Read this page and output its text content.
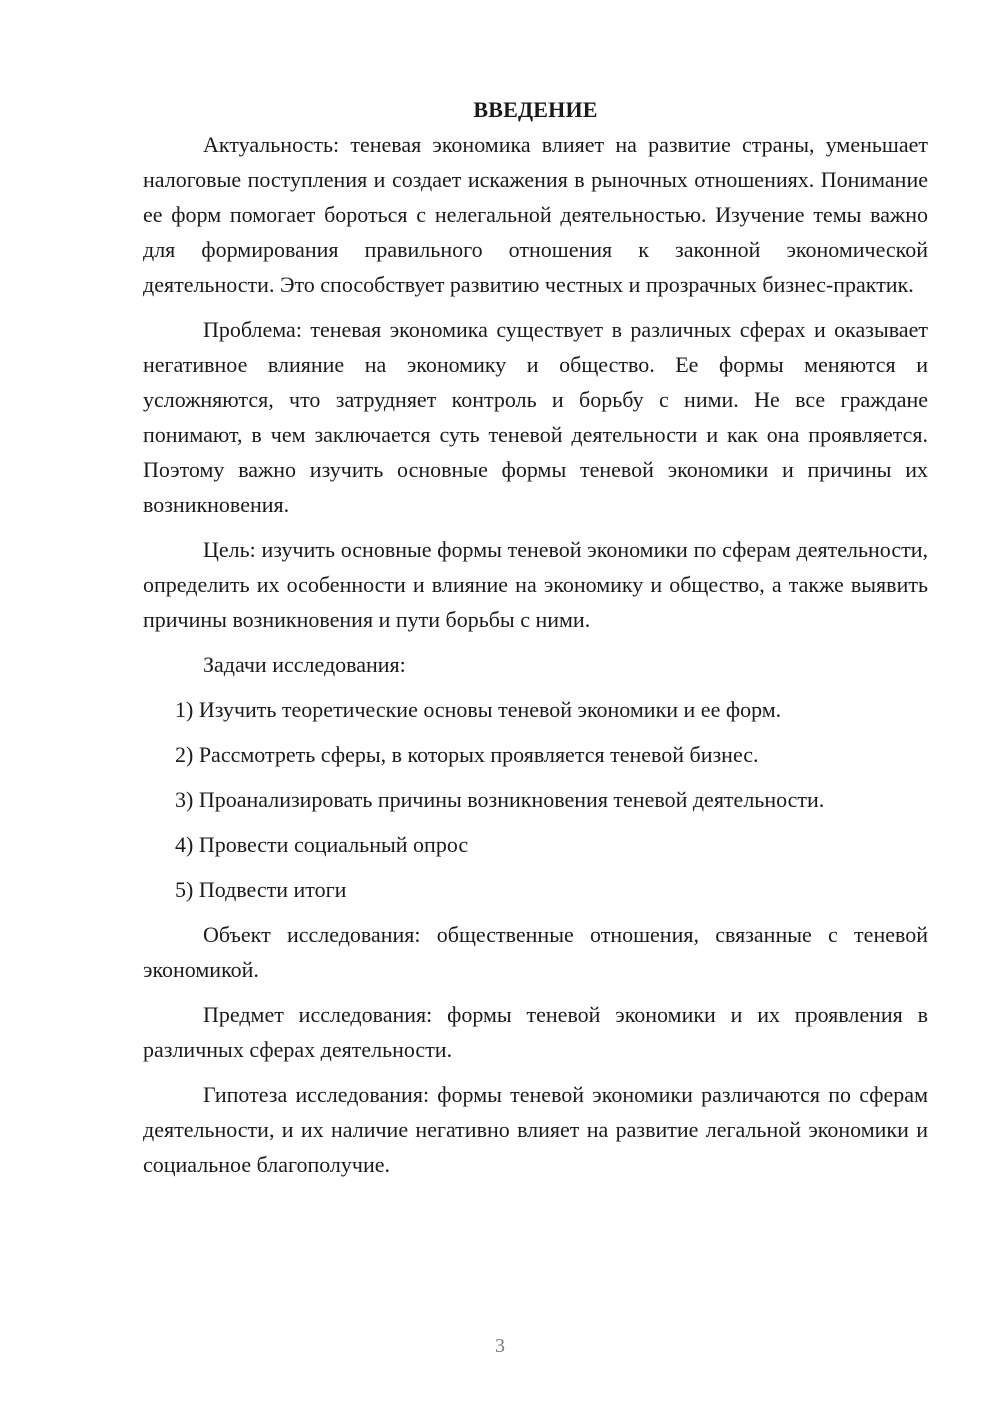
ВВЕДЕНИЕ

Актуальность: теневая экономика влияет на развитие страны, уменьшает налоговые поступления и создает искажения в рыночных отношениях. Понимание ее форм помогает бороться с нелегальной деятельностью. Изучение темы важно для формирования правильного отношения к законной экономической деятельности. Это способствует развитию честных и прозрачных бизнес-практик.

Проблема: теневая экономика существует в различных сферах и оказывает негативное влияние на экономику и общество. Ее формы меняются и усложняются, что затрудняет контроль и борьбу с ними. Не все граждане понимают, в чем заключается суть теневой деятельности и как она проявляется. Поэтому важно изучить основные формы теневой экономики и причины их возникновения.

Цель: изучить основные формы теневой экономики по сферам деятельности, определить их особенности и влияние на экономику и общество, а также выявить причины возникновения и пути борьбы с ними.

Задачи исследования:

1) Изучить теоретические основы теневой экономики и ее форм.
2) Рассмотреть сферы, в которых проявляется теневой бизнес.
3) Проанализировать причины возникновения теневой деятельности.
4) Провести социальный опрос
5) Подвести итоги

Объект исследования: общественные отношения, связанные с теневой экономикой.

Предмет исследования: формы теневой экономики и их проявления в различных сферах деятельности.

Гипотеза исследования: формы теневой экономики различаются по сферам деятельности, и их наличие негативно влияет на развитие легальной экономики и социальное благополучие.

3
